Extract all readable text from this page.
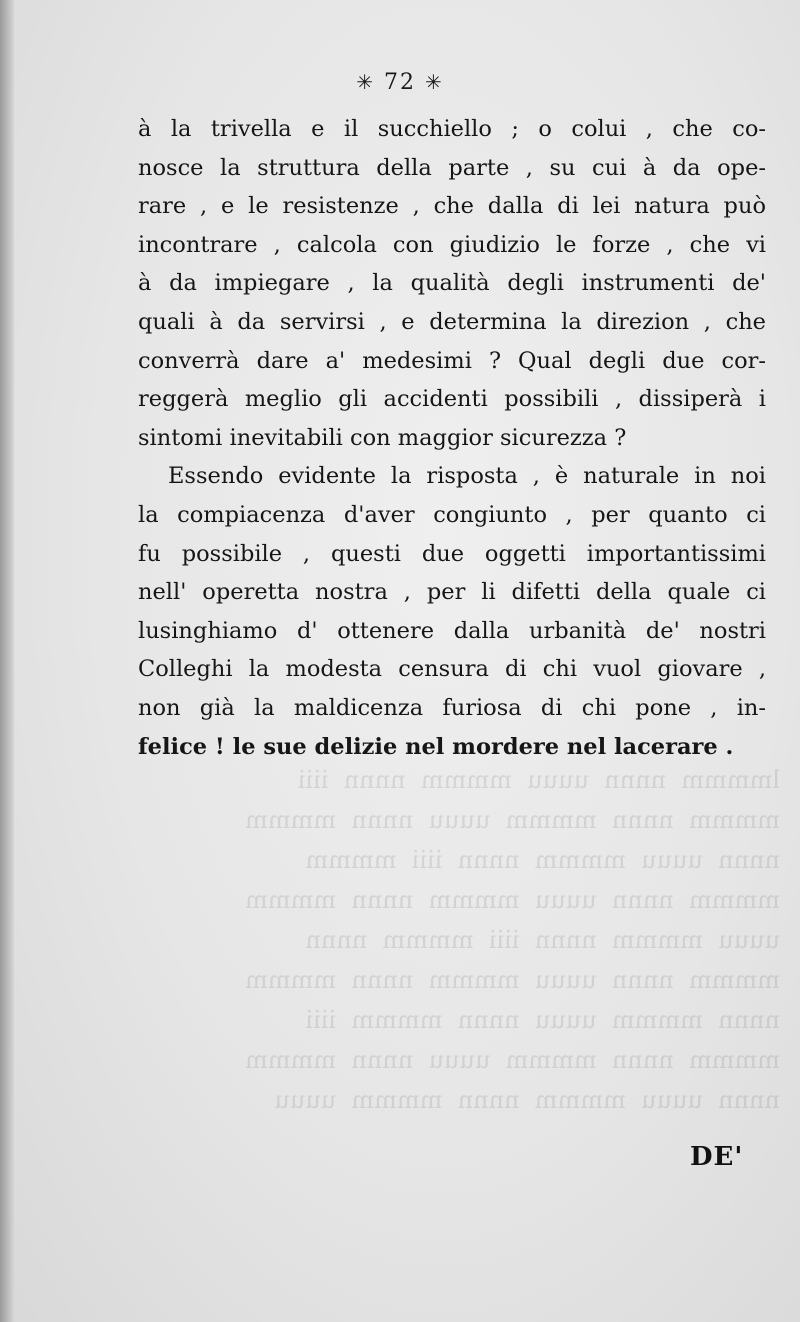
lmmmm  nnnn  uuuu  mmmm  nnnn  iiii
mmmm  nnnn  mmmm  uuuu  nnnn  mmmm
nnnn  uuuu  mmmm  nnnn  iiii  mmmm
mmmm  nnnn  uuuu  mmmm  nnnn  mmmm
uuuu  mmmm  nnnn  iiii  mmmm  nnnn
mmmm  nnnn  uuuu  mmmm  nnnn  mmmm
nnnn  mmmm  uuuu  nnnn  mmmm  iiii
mmmm  nnnn  mmmm  uuuu  nnnn  mmmm
nnnn  uuuu  mmmm  nnnn  mmmm  uuuu
✳ 72 ✳
à la trivella e il succhiello ; o colui , che co-
nosce la struttura della parte , su cui à da ope-
rare , e le resistenze , che dalla di lei natura può
incontrare , calcola con giudizio le forze , che vi
à da impiegare , la qualità degli instrumenti de'
quali à da servirsi , e determina la direzion , che
converrà dare a' medesimi ? Qual degli due cor-
reggerà meglio gli accidenti possibili , dissiperà i
sintomi inevitabili con maggior sicurezza ?
Essendo evidente la risposta , è naturale in noi
la compiacenza d'aver congiunto , per quanto ci
fu possibile , questi due oggetti importantissimi
nell' operetta nostra , per li difetti della quale ci
lusinghiamo d' ottenere dalla urbanità de' nostri
Colleghi la modesta censura di chi vuol giovare ,
non già la maldicenza furiosa di chi pone , in-
felice ! le sue delizie nel mordere nel lacerare .
DE'
